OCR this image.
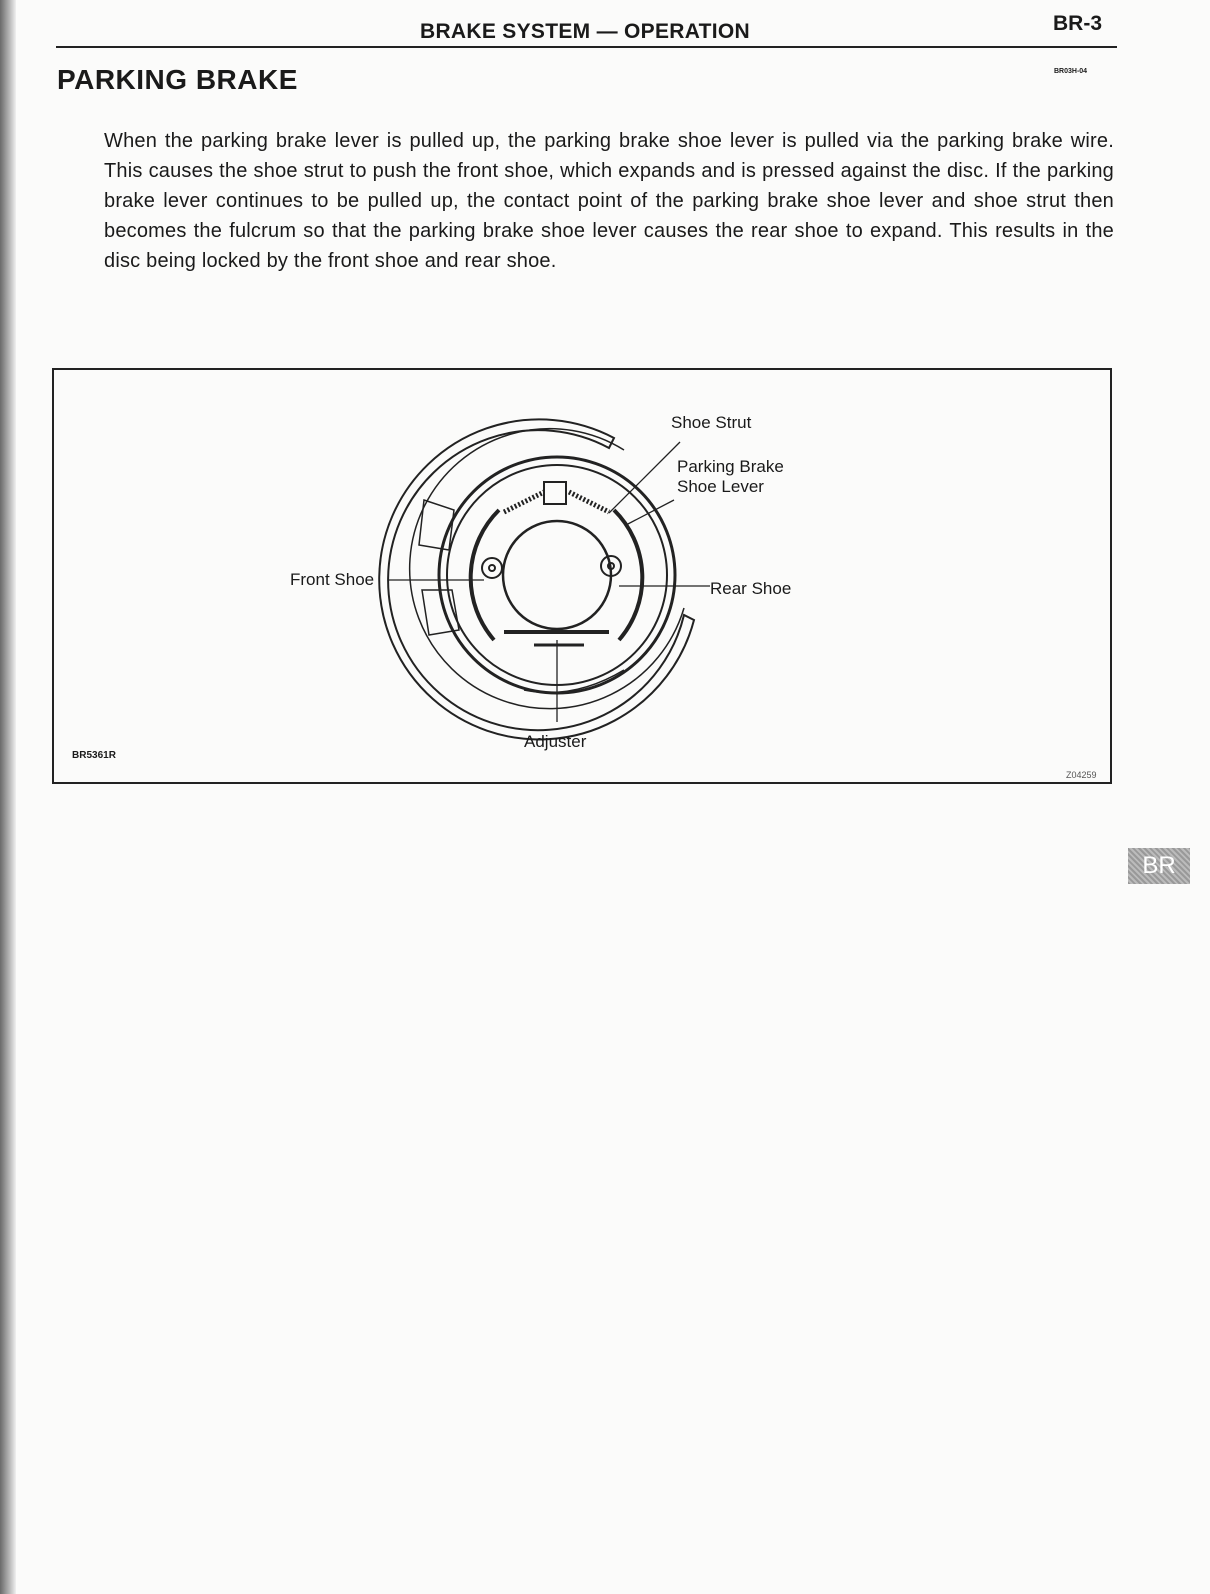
BRAKE SYSTEM — OPERATION	BR-3
PARKING BRAKE	BR03H-04
When the parking brake lever is pulled up, the parking brake shoe lever is pulled via the parking brake wire. This causes the shoe strut to push the front shoe, which expands and is pressed against the disc. If the parking brake lever continues to be pulled up, the contact point of the parking brake shoe lever and shoe strut then becomes the fulcrum so that the parking brake shoe lever causes the rear shoe to expand. This results in the disc being locked by the front shoe and rear shoe.
Shoe Strut
Parking Brake
Shoe Lever
Front Shoe	Rear Shoe
Adjuster
BR5361R
Z04259
BR
